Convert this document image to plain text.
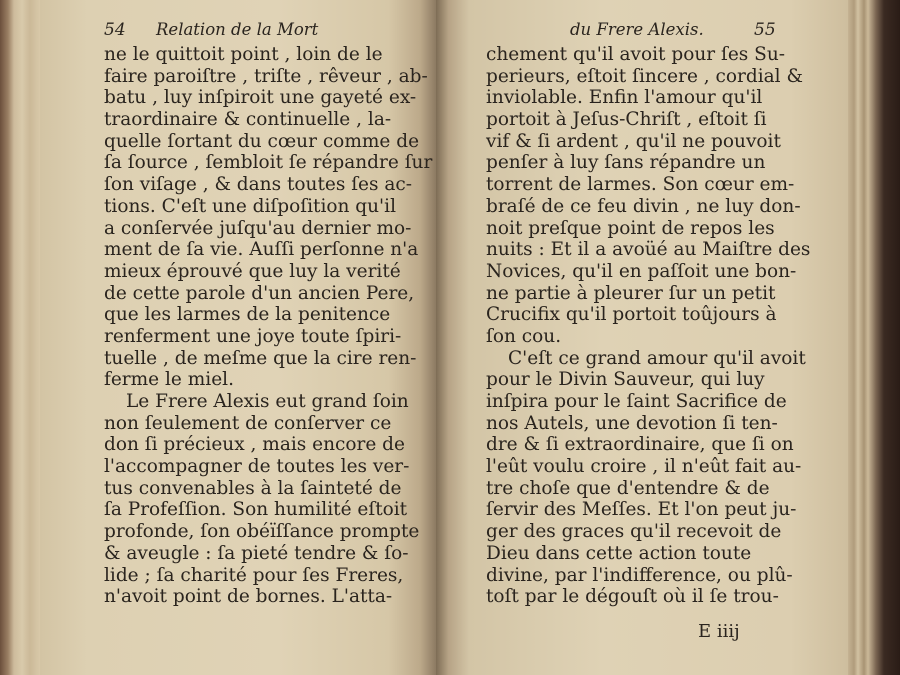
54 Relation de la Mort
ne le quittoit point , loin de le
faire paroiſtre , triſte , rêveur , ab-
batu , luy inſpiroit une gayeté ex-
traordinaire & continuelle , la-
quelle ſortant du cœur comme de
ſa ſource , ſembloit ſe répandre ſur
ſon viſage , & dans toutes ſes ac-
tions. C'eſt une diſpoſition qu'il
a conſervée juſqu'au dernier mo-
ment de ſa vie. Auſſi perſonne n'a
mieux éprouvé que luy la verité
de cette parole d'un ancien Pere,
que les larmes de la penitence
renferment une joye toute ſpiri-
tuelle , de meſme que la cire ren-
ferme le miel.
Le Frere Alexis eut grand ſoin
non ſeulement de conſerver ce
don ſi précieux , mais encore de
l'accompagner de toutes les ver-
tus convenables à la ſainteté de
ſa Profeſſion. Son humilité eſtoit
profonde, ſon obéïſſance prompte
& aveugle : ſa pieté tendre & ſo-
lide ; ſa charité pour ſes Freres,
n'avoit point de bornes. L'atta-
du Frere Alexis.	55
chement qu'il avoit pour ſes Su-
perieurs, eſtoit ſincere , cordial &
inviolable. Enfin l'amour qu'il
portoit à Jeſus-Chriſt , eſtoit ſi
vif & ſi ardent , qu'il ne pouvoit
penſer à luy ſans répandre un
torrent de larmes. Son cœur em-
braſé de ce feu divin , ne luy don-
noit preſque point de repos les
nuits : Et il a avoüé au Maiſtre des
Novices, qu'il en paſſoit une bon-
ne partie à pleurer ſur un petit
Crucifix qu'il portoit toûjours à
ſon cou.
C'eſt ce grand amour qu'il avoit
pour le Divin Sauveur, qui luy
inſpira pour le ſaint Sacrifice de
nos Autels, une devotion ſi ten-
dre & ſi extraordinaire, que ſi on
l'eût voulu croire , il n'eût fait au-
tre choſe que d'entendre & de
ſervir des Meſſes. Et l'on peut ju-
ger des graces qu'il recevoit de
Dieu dans cette action toute
divine, par l'indifference, ou plû-
toſt par le dégouſt où il ſe trou-
E iiij
